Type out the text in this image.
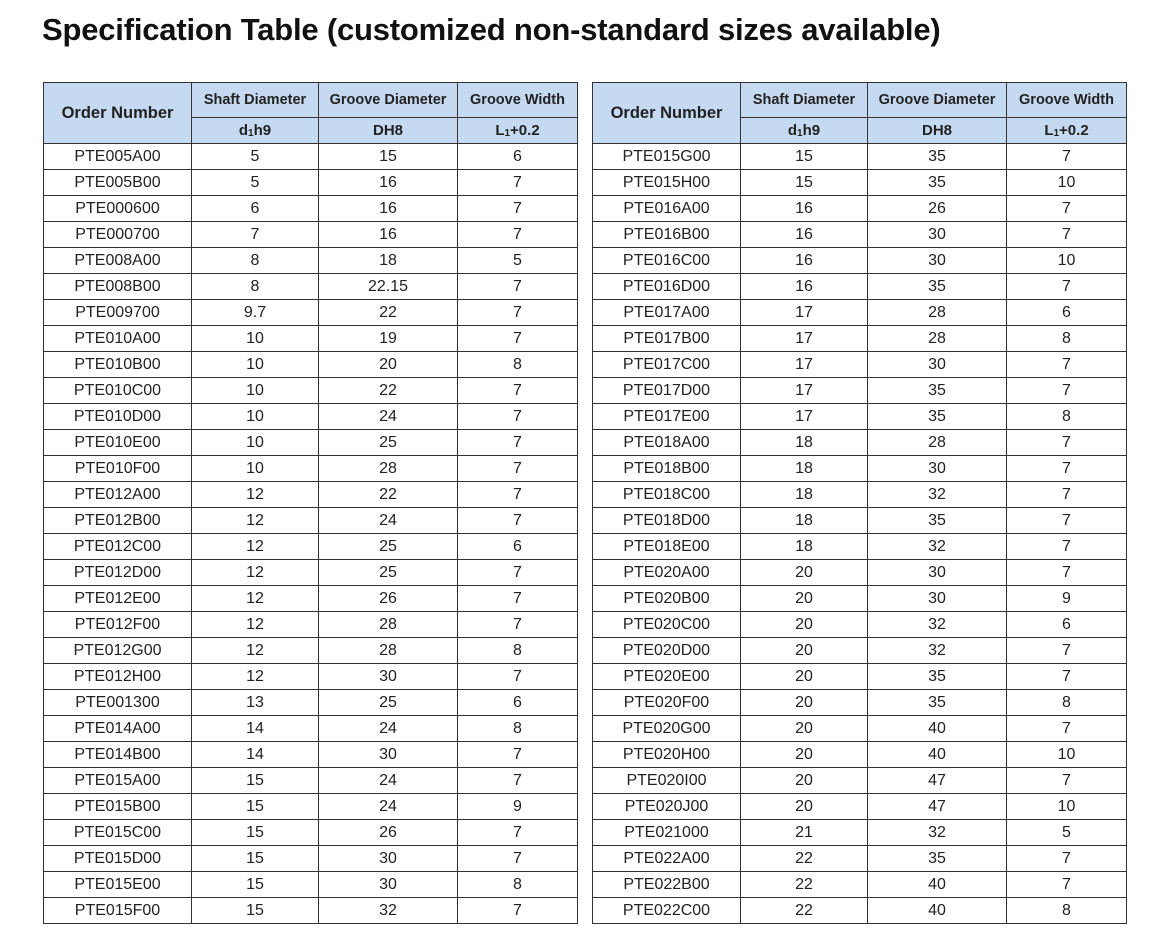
Specification Table (customized non-standard sizes available)
Order Number	Shaft Diameter	Groove Diameter	Groove Width
	$d_1h9$	DH8	$L_1+0.2$
PTE005A00	5	15	6
PTE005B00	5	16	7
PTE000600	6	16	7
PTE000700	7	16	7
PTE008A00	8	18	5
PTE008B00	8	22.15	7
PTE009700	9.7	22	7
PTE010A00	10	19	7
PTE010B00	10	20	8
PTE010C00	10	22	7
PTE010D00	10	24	7
PTE010E00	10	25	7
PTE010F00	10	28	7
PTE012A00	12	22	7
PTE012B00	12	24	7
PTE012C00	12	25	6
PTE012D00	12	25	7
PTE012E00	12	26	7
PTE012F00	12	28	7
PTE012G00	12	28	8
PTE012H00	12	30	7
PTE001300	13	25	6
PTE014A00	14	24	8
PTE014B00	14	30	7
PTE015A00	15	24	7
PTE015B00	15	24	9
PTE015C00	15	26	7
PTE015D00	15	30	7
PTE015E00	15	30	8
PTE015F00	15	32	7
Order Number	Shaft Diameter	Groove Diameter	Groove Width
	$d_1h9$	DH8	$L_1+0.2$
PTE015G00	15	35	7
PTE015H00	15	35	10
PTE016A00	16	26	7
PTE016B00	16	30	7
PTE016C00	16	30	10
PTE016D00	16	35	7
PTE017A00	17	28	6
PTE017B00	17	28	8
PTE017C00	17	30	7
PTE017D00	17	35	7
PTE017E00	17	35	8
PTE018A00	18	28	7
PTE018B00	18	30	7
PTE018C00	18	32	7
PTE018D00	18	35	7
PTE018E00	18	32	7
PTE020A00	20	30	7
PTE020B00	20	30	9
PTE020C00	20	32	6
PTE020D00	20	32	7
PTE020E00	20	35	7
PTE020F00	20	35	8
PTE020G00	20	40	7
PTE020H00	20	40	10
PTE020I00	20	47	7
PTE020J00	20	47	10
PTE021000	21	32	5
PTE022A00	22	35	7
PTE022B00	22	40	7
PTE022C00	22	40	8
